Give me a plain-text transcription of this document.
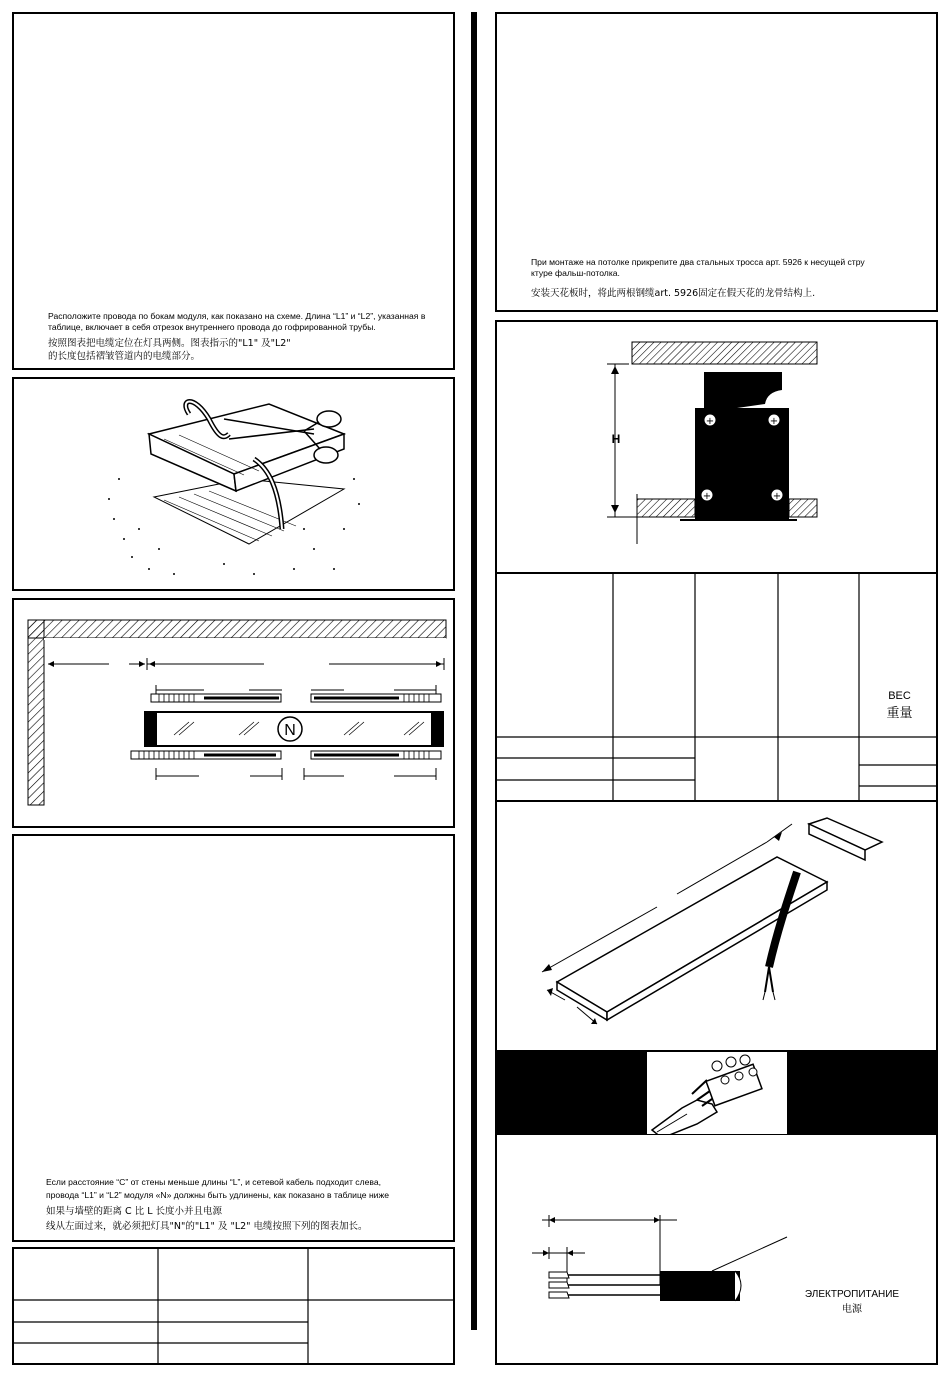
Расположите провода по бокам модуля, как показано на схеме. Длина “L1” и “L2”, указанная в
таблице, включает в себя отрезок внутреннего провода до гофрированной трубы.
按照图表把电缆定位在灯具两侧。图表指示的"L1" 及"L2"
的长度包括褶皱管道内的电缆部分。
N
Если расстояние “C” от стены меньше длины “L”, и сетевой кабель подходит слева,
провода “L1” и “L2” модуля «N» должны быть удлинены, как показано в таблице ниже
如果与墙壁的距离 C 比 L 长度小并且电源
线从左面过来，就必须把灯具"N"的"L1" 及 "L2" 电缆按照下列的图表加长。
При монтаже на потолке прикрепите два стальных тросса арт. 5926 к несущей стру
ктуре фальш-потолка.
安装天花板时，将此两根钢缆art. 5926固定在假天花的龙骨结构上.
H
+	+
+	+
ВЕС
重量
ЭЛЕКТРОПИТАНИЕ
电源
